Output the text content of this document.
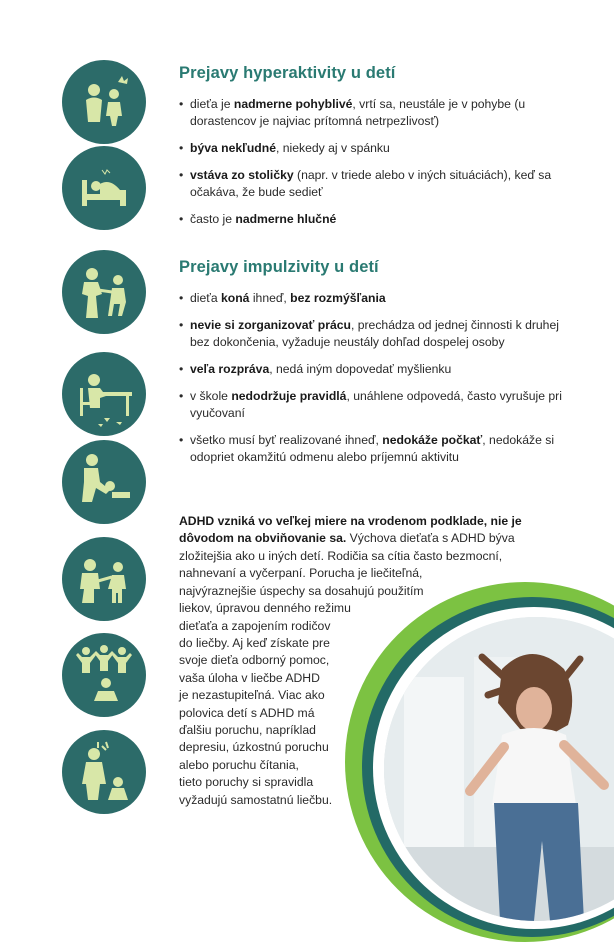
Prejavy hyperaktivity u detí
• dieťa je nadmerne pohyblivé, vrtí sa, neustále je v pohybe (u dorastencov je najviac prítomná netrpezlivosť)
• býva nekľudné, niekedy aj v spánku
• vstáva zo stoličky (napr. v triede alebo v iných situáciách), keď sa očakáva, že bude sedieť
• často je nadmerne hlučné
Prejavy impulzivity u detí
• dieťa koná ihneď, bez rozmýšľania
• nevie si zorganizovať prácu, prechádza od jednej činnosti k druhej bez dokončenia, vyžaduje neustály dohľad dospelej osoby
• veľa rozpráva, nedá iným dopovedať myšlienku
• v škole nedodržuje pravidlá, unáhlene odpovedá, často vyrušuje pri vyučovaní
• všetko musí byť realizované ihneď, nedokáže počkať, nedokáže si odopriet okamžitú odmenu alebo príjemnú aktivitu

ADHD vzniká vo veľkej miere na vrodenom podklade, nie je dôvodom na obviňovanie sa. Výchova dieťaťa s ADHD býva

zložitejšia ako u iných detí. Rodičia sa cítia často bezmocní,
nahnevaní a vyčerpaní. Porucha je liečiteľná,
najvýraznejšie úspechy sa dosahujú použitím
liekov, úpravou denného režimu
dieťaťa a zapojením rodičov
do liečby. Aj keď získate pre
svoje dieťa odborný pomoc,
vaša úloha v liečbe ADHD
je nezastupiteľná. Viac ako
polovica detí s ADHD má
ďalšiu poruchu, napríklad
depresiu, úzkostnú poruchu
alebo poruchu čítania,
tieto poruchy si spravidla
vyžadujú samostatnú liečbu.
